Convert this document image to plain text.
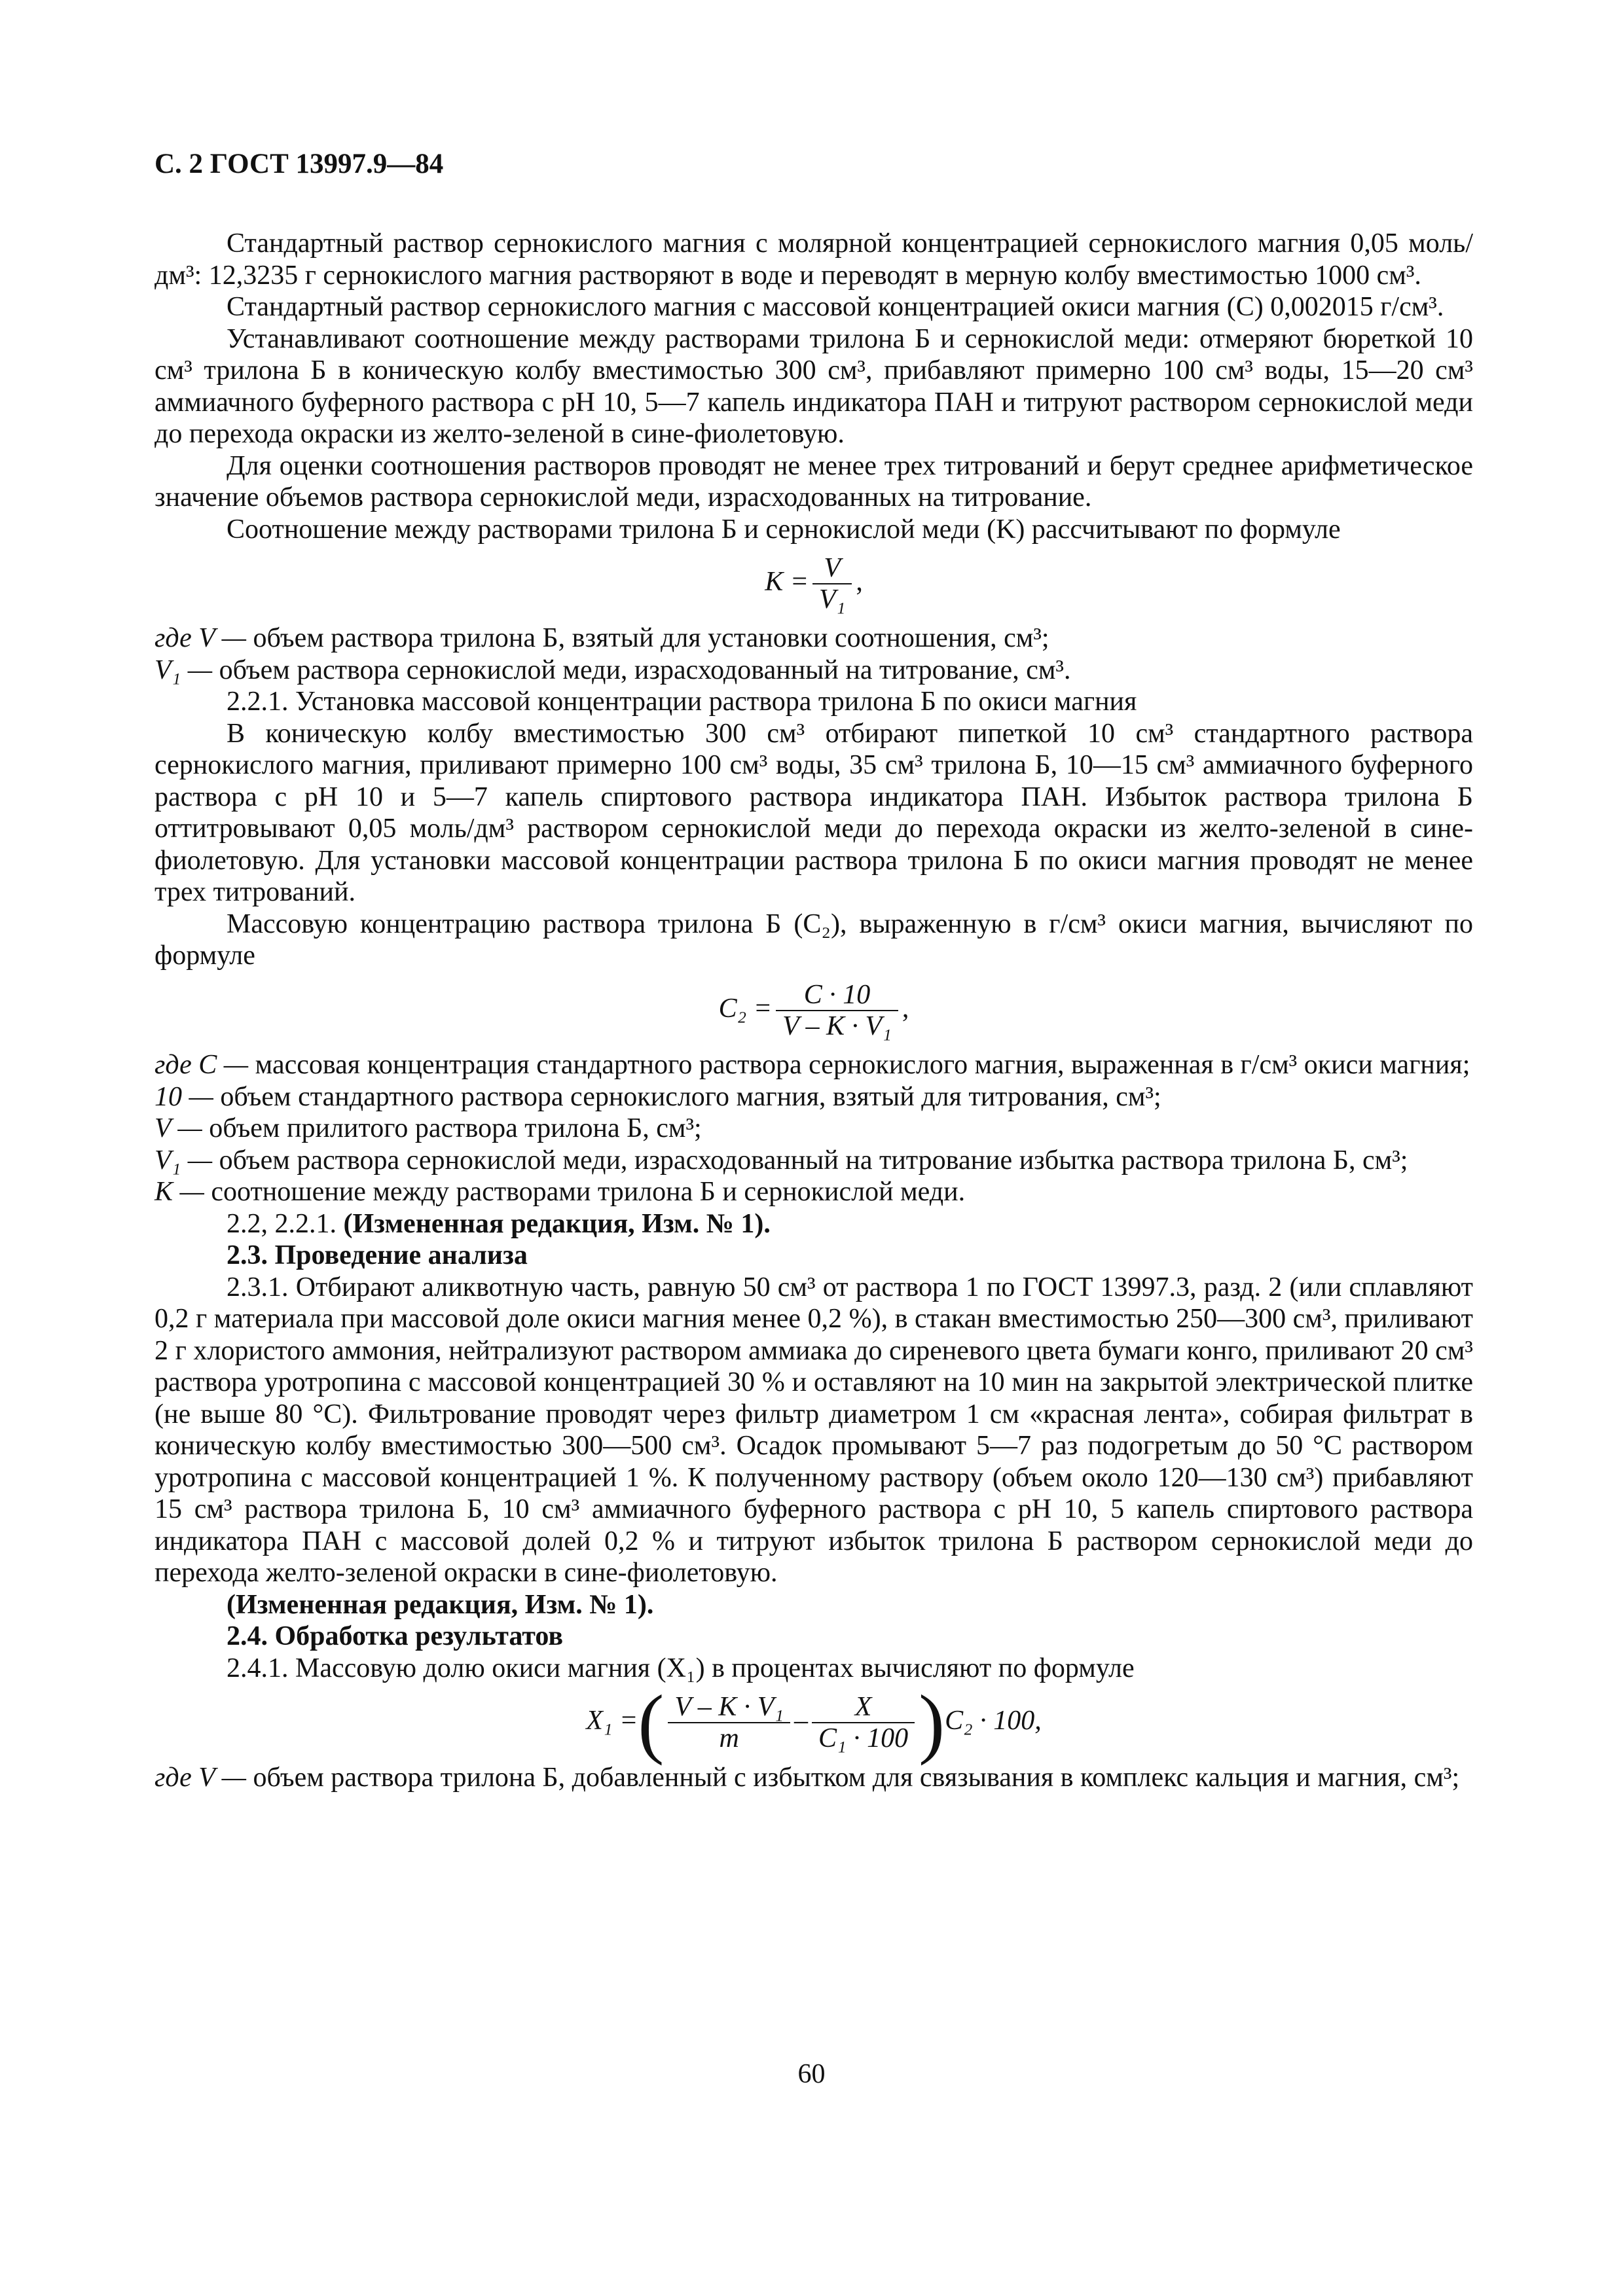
С. 2 ГОСТ 13997.9—84

Стандартный раствор сернокислого магния с молярной концентрацией сернокислого магния 0,05 моль/дм³: 12,3235 г сернокислого магния растворяют в воде и переводят в мерную колбу вместимостью 1000 см³.

Стандартный раствор сернокислого магния с массовой концентрацией окиси магния (С) 0,002015 г/см³.

Устанавливают соотношение между растворами трилона Б и сернокислой меди: отмеряют бюреткой 10 см³ трилона Б в коническую колбу вместимостью 300 см³, прибавляют примерно 100 см³ воды, 15—20 см³ аммиачного буферного раствора с рН 10, 5—7 капель индикатора ПАН и титруют раствором сернокислой меди до перехода окраски из желто-зеленой в сине-фиолетовую.

Для оценки соотношения растворов проводят не менее трех титрований и берут среднее арифметическое значение объемов раствора сернокислой меди, израсходованных на титрование.

Соотношение между растворами трилона Б и сернокислой меди (K) рассчитывают по формуле

$K = \frac{V}{\text{V₁}}$ ,

где V — объем раствора трилона Б, взятый для установки соотношения, см³;

V₁ — объем раствора сернокислой меди, израсходованный на титрование, см³.

2.2.1. Установка массовой концентрации раствора трилона Б по окиси магния

В коническую колбу вместимостью 300 см³ отбирают пипеткой 10 см³ стандартного раствора сернокислого магния, приливают примерно 100 см³ воды, 35 см³ трилона Б, 10—15 см³ аммиачного буферного раствора с рН 10 и 5—7 капель спиртового раствора индикатора ПАН. Избыток раствора трилона Б оттитровывают 0,05 моль/дм³ раствором сернокислой меди до перехода окраски из желто-зеленой в сине-фиолетовую. Для установки массовой концентрации раствора трилона Б по окиси магния проводят не менее трех титрований.

Массовую концентрацию раствора трилона Б (C₂), выраженную в г/см³ окиси магния, вычисляют по формуле

$C_2 = \frac{C \cdot 10}{\text{V – K · V₁}}$ ,

где C — массовая концентрация стандартного раствора сернокислого магния, выраженная в г/см³ окиси магния;

10 — объем стандартного раствора сернокислого магния, взятый для титрования, см³;

V — объем прилитого раствора трилона Б, см³;

V₁ — объем раствора сернокислой меди, израсходованный на титрование избытка раствора трилона Б, см³;

K — соотношение между растворами трилона Б и сернокислой меди.

2.2, 2.2.1. (Измененная редакция, Изм. № 1).

2.3. Проведение анализа

2.3.1. Отбирают аликвотную часть, равную 50 см³ от раствора 1 по ГОСТ 13997.3, разд. 2 (или сплавляют 0,2 г материала при массовой доле окиси магния менее 0,2 %), в стакан вместимостью 250—300 см³, приливают 2 г хлористого аммония, нейтрализуют раствором аммиака до сиреневого цвета бумаги конго, приливают 20 см³ раствора уротропина с массовой концентрацией 30 % и оставляют на 10 мин на закрытой электрической плитке (не выше 80 °С). Фильтрование проводят через фильтр диаметром 1 см «красная лента», собирая фильтрат в коническую колбу вместимостью 300—500 см³. Осадок промывают 5—7 раз подогретым до 50 °С раствором уротропина с массовой концентрацией 1 %. К полученному раствору (объем около 120—130 см³) прибавляют 15 см³ раствора трилона Б, 10 см³ аммиачного буферного раствора с рН 10, 5 капель спиртового раствора индикатора ПАН с массовой долей 0,2 % и титруют избыток трилона Б раствором сернокислой меди до перехода желто-зеленой окраски в сине-фиолетовую.

(Измененная редакция, Изм. № 1).

2.4. Обработка результатов

2.4.1. Массовую долю окиси магния (X₁) в процентах вычисляют по формуле

X₁ =( $\frac{\text{V – K · V₁}}{m} - \frac{X}{\text{C₁ · 100}} )C_2 \cdot 100$,

где V — объем раствора трилона Б, добавленный с избытком для связывания в комплекс кальция и магния, см³;

60
